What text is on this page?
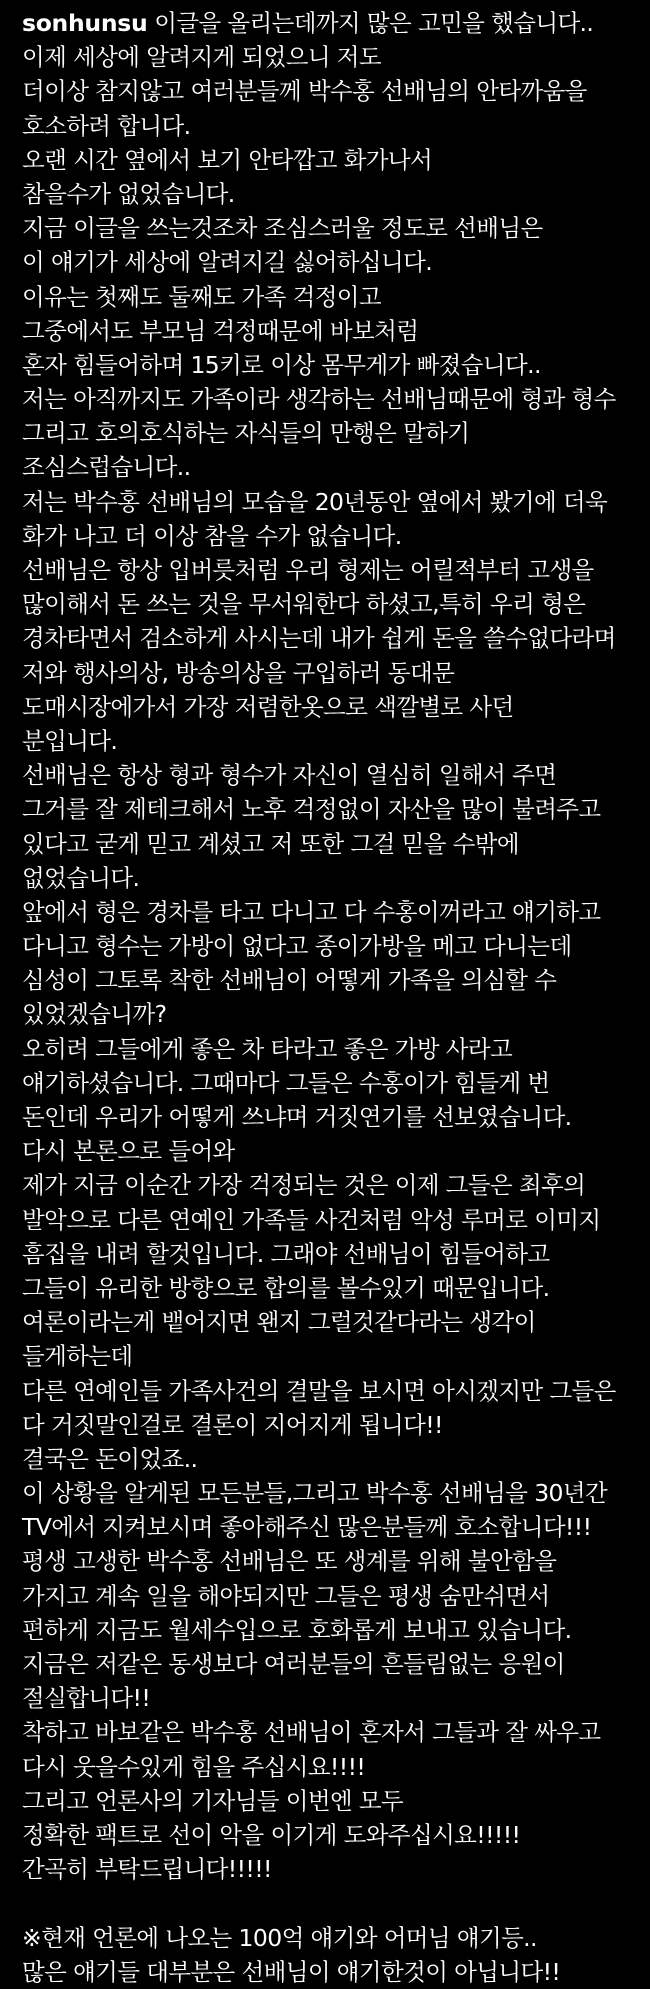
sonhunsu 이글을 올리는데까지 많은 고민을 했습니다..
이제 세상에 알려지게 되었으니 저도
더이상 참지않고 여러분들께 박수홍 선배님의 안타까움을
호소하려 합니다.
오랜 시간 옆에서 보기 안타깝고 화가나서
참을수가 없었습니다.
지금 이글을 쓰는것조차 조심스러울 정도로 선배님은
이 얘기가 세상에 알려지길 싫어하십니다.
이유는 첫째도 둘째도 가족 걱정이고
그중에서도 부모님 걱정때문에 바보처럼
혼자 힘들어하며 15키로 이상 몸무게가 빠졌습니다..
저는 아직까지도 가족이라 생각하는 선배님때문에 형과 형수
그리고 호의호식하는 자식들의 만행은 말하기
조심스럽습니다..
저는 박수홍 선배님의 모습을 20년동안 옆에서 봤기에 더욱
화가 나고 더 이상 참을 수가 없습니다.
선배님은 항상 입버릇처럼 우리 형제는 어릴적부터 고생을
많이해서 돈 쓰는 것을 무서워한다 하셨고,특히 우리 형은
경차타면서 검소하게 사시는데 내가 쉽게 돈을 쓸수없다라며
저와 행사의상, 방송의상을 구입하러 동대문
도매시장에가서 가장 저렴한옷으로 색깔별로 사던
분입니다.
선배님은 항상 형과 형수가 자신이 열심히 일해서 주면
그거를 잘 제테크해서 노후 걱정없이 자산을 많이 불려주고
있다고 굳게 믿고 계셨고 저 또한 그걸 믿을 수밖에
없었습니다.
앞에서 형은 경차를 타고 다니고 다 수홍이꺼라고 얘기하고
다니고 형수는 가방이 없다고 종이가방을 메고 다니는데
심성이 그토록 착한 선배님이 어떻게 가족을 의심할 수
있었겠습니까?
오히려 그들에게 좋은 차 타라고 좋은 가방 사라고
얘기하셨습니다. 그때마다 그들은 수홍이가 힘들게 번
돈인데 우리가 어떻게 쓰냐며 거짓연기를 선보였습니다.
다시 본론으로 들어와
제가 지금 이순간 가장 걱정되는 것은 이제 그들은 최후의
발악으로 다른 연예인 가족들 사건처럼 악성 루머로 이미지
흠집을 내려 할것입니다. 그래야 선배님이 힘들어하고
그들이 유리한 방향으로 합의를 볼수있기 때문입니다.
여론이라는게 뱉어지면 왠지 그럴것같다라는 생각이
들게하는데
다른 연예인들 가족사건의 결말을 보시면 아시겠지만 그들은
다 거짓말인걸로 결론이 지어지게 됩니다!!
결국은 돈이었죠..
이 상황을 알게된 모든분들,그리고 박수홍 선배님을 30년간
TV에서 지켜보시며 좋아해주신 많은분들께 호소합니다!!!
평생 고생한 박수홍 선배님은 또 생계를 위해 불안함을
가지고 계속 일을 해야되지만 그들은 평생 숨만쉬면서
편하게 지금도 월세수입으로 호화롭게 보내고 있습니다.
지금은 저같은 동생보다 여러분들의 흔들림없는 응원이
절실합니다!!
착하고 바보같은 박수홍 선배님이 혼자서 그들과 잘 싸우고
다시 웃을수있게 힘을 주십시요!!!!
그리고 언론사의 기자님들 이번엔 모두
정확한 팩트로 선이 악을 이기게 도와주십시요!!!!!
간곡히 부탁드립니다!!!!!
※현재 언론에 나오는 100억 얘기와 어머님 얘기등..
많은 얘기들 대부분은 선배님이 얘기한것이 아닙니다!!
